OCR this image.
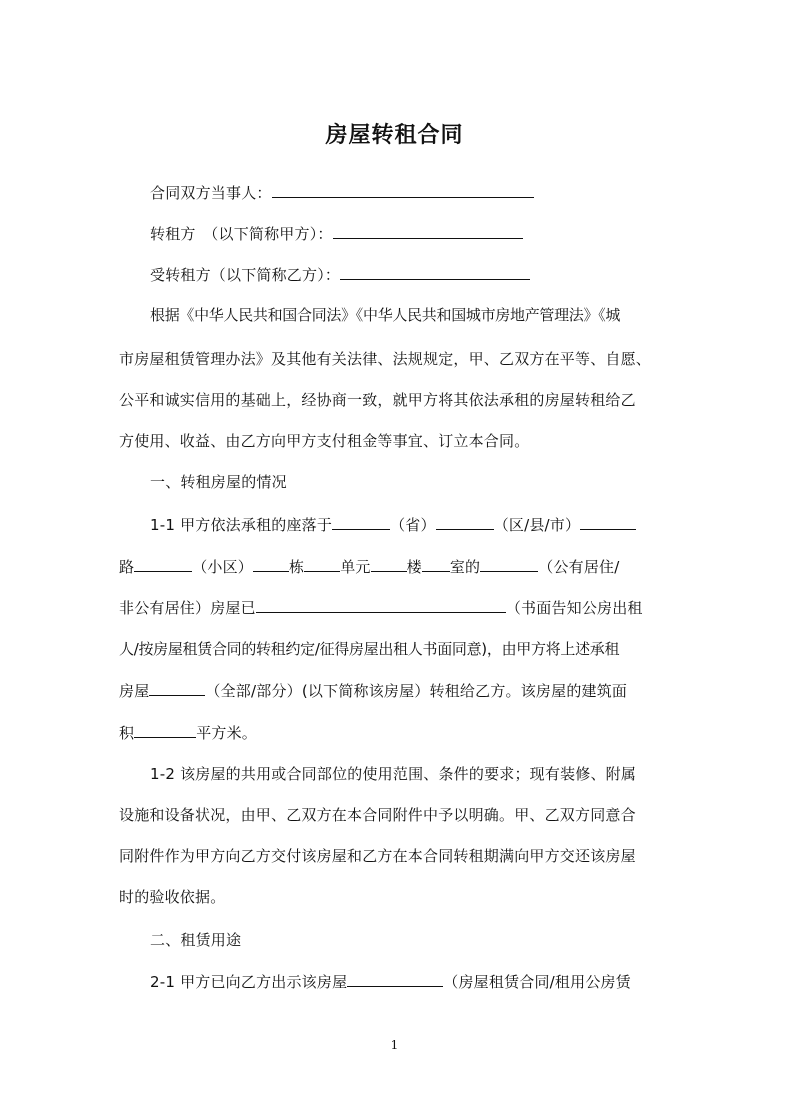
房屋转租合同
合同双方当事人：
转租方　（以下简称甲方）：
受转租方（以下简称乙方）：
根据《中华人民共和国合同法》《中华人民共和国城市房地产管理法》《城
市房屋租赁管理办法》及其他有关法律、法规规定，甲、乙双方在平等、自愿、
公平和诚实信用的基础上，经协商一致，就甲方将其依法承租的房屋转租给乙
方使用、收益、由乙方向甲方支付租金等事宜、订立本合同。
一、转租房屋的情况
1-1 甲方依法承租的座落于	（省）	（区/县/市）
路	（小区） 栋 单元 楼 室的	（公有居住/
非公有居住）房屋已	（书面告知公房出租
人/按房屋租赁合同的转租约定/征得房屋出租人书面同意)，由甲方将上述承租
房屋	（全部/部分）(以下简称该房屋）转租给乙方。该房屋的建筑面
积	平方米。
1-2 该房屋的共用或合同部位的使用范围、条件的要求；现有装修、附属
设施和设备状况，由甲、乙双方在本合同附件中予以明确。甲、乙双方同意合
同附件作为甲方向乙方交付该房屋和乙方在本合同转租期满向甲方交还该房屋
时的验收依据。
二、租赁用途
2-1 甲方已向乙方出示该房屋	（房屋租赁合同/租用公房赁
1
